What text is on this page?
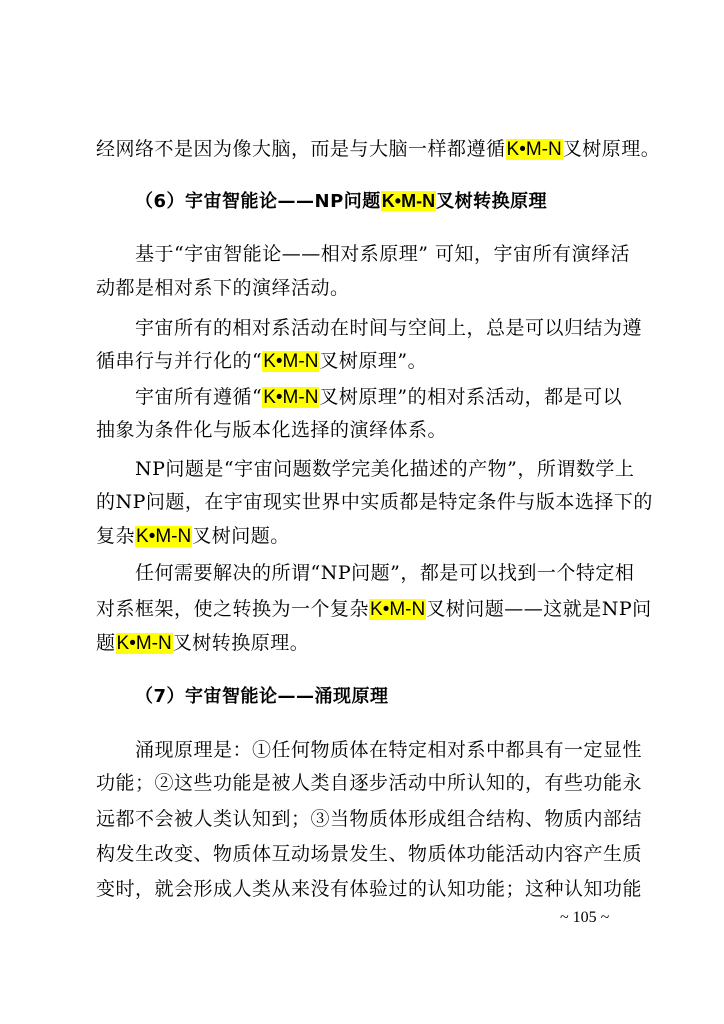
经网络不是因为像大脑，而是与大脑一样都遵循K•M-N叉树原理。
（6）宇宙智能论——NP问题K•M-N叉树转换原理
基于“宇宙智能论——相对系原理” 可知，宇宙所有演绎活
动都是相对系下的演绎活动。
宇宙所有的相对系活动在时间与空间上，总是可以归结为遵
循串行与并行化的“K•M-N叉树原理”。
宇宙所有遵循“K•M-N叉树原理”的相对系活动，都是可以
抽象为条件化与版本化选择的演绎体系。
NP问题是“宇宙问题数学完美化描述的产物”，所谓数学上
的NP问题，在宇宙现实世界中实质都是特定条件与版本选择下的
复杂K•M-N叉树问题。
任何需要解决的所谓“NP问题”，都是可以找到一个特定相
对系框架，使之转换为一个复杂K•M-N叉树问题——这就是NP问
题K•M-N叉树转换原理。
（7）宇宙智能论——涌现原理
涌现原理是：①任何物质体在特定相对系中都具有一定显性
功能；②这些功能是被人类自逐步活动中所认知的，有些功能永
远都不会被人类认知到；③当物质体形成组合结构、物质内部结
构发生改变、物质体互动场景发生、物质体功能活动内容产生质
变时，就会形成人类从来没有体验过的认知功能；这种认知功能
~ 105 ~
